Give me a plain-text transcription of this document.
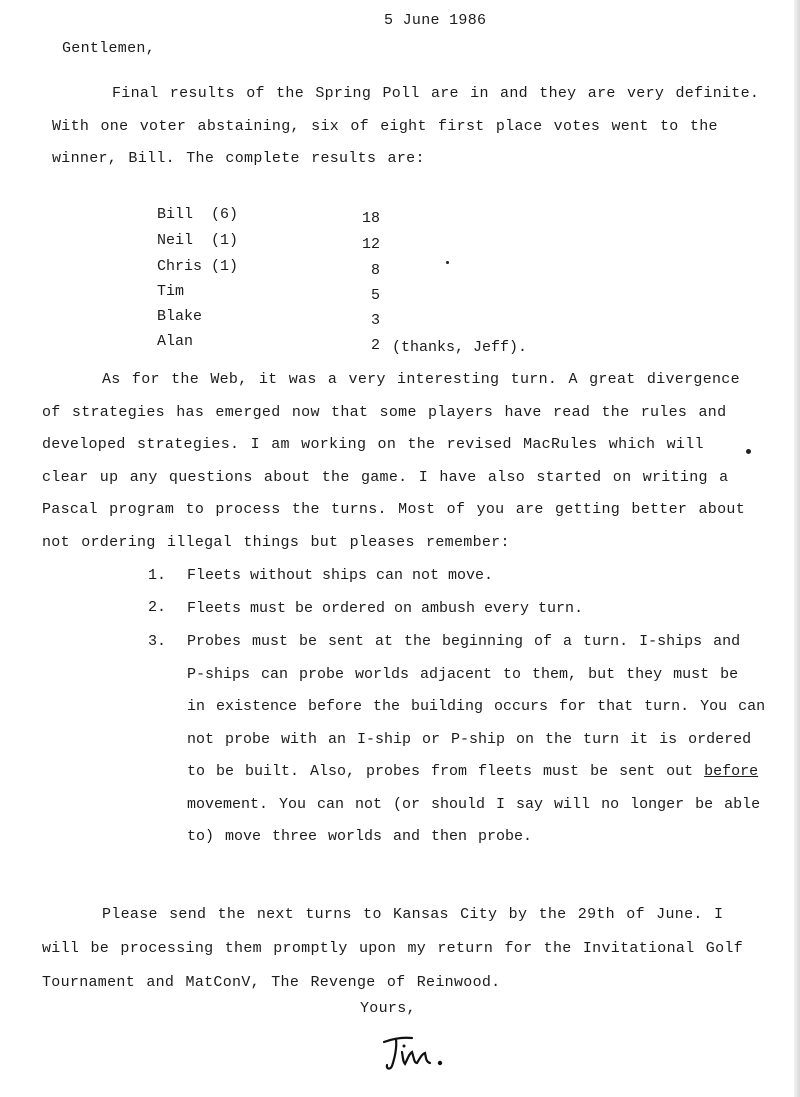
5 June 1986
Gentlemen,
Final results of the Spring Poll are in and they are very definite. With one voter abstaining, six of eight first place votes went to the winner, Bill. The complete results are:
Bill  (6)	18
Neil  (1)	12
Chris (1)	8
Tim	5
Blake	3
Alan	2 (thanks, Jeff).
As for the Web, it was a very interesting turn. A great divergence of strategies has emerged now that some players have read the rules and developed strategies. I am working on the revised MacRules which will clear up any questions about the game. I have also started on writing a Pascal program to process the turns. Most of you are getting better about not ordering illegal things but pleases remember:
1. Fleets without ships can not move.
2. Fleets must be ordered on ambush every turn.
3. Probes must be sent at the beginning of a turn. I-ships and P-ships can probe worlds adjacent to them, but they must be in existence before the building occurs for that turn. You can not probe with an I-ship or P-ship on the turn it is ordered to be built. Also, probes from fleets must be sent out before movement. You can not (or should I say will no longer be able to) move three worlds and then probe.
Please send the next turns to Kansas City by the 29th of June. I will be processing them promptly upon my return for the Invitational Golf Tournament and MatConV, The Revenge of Reinwood.
Yours,
